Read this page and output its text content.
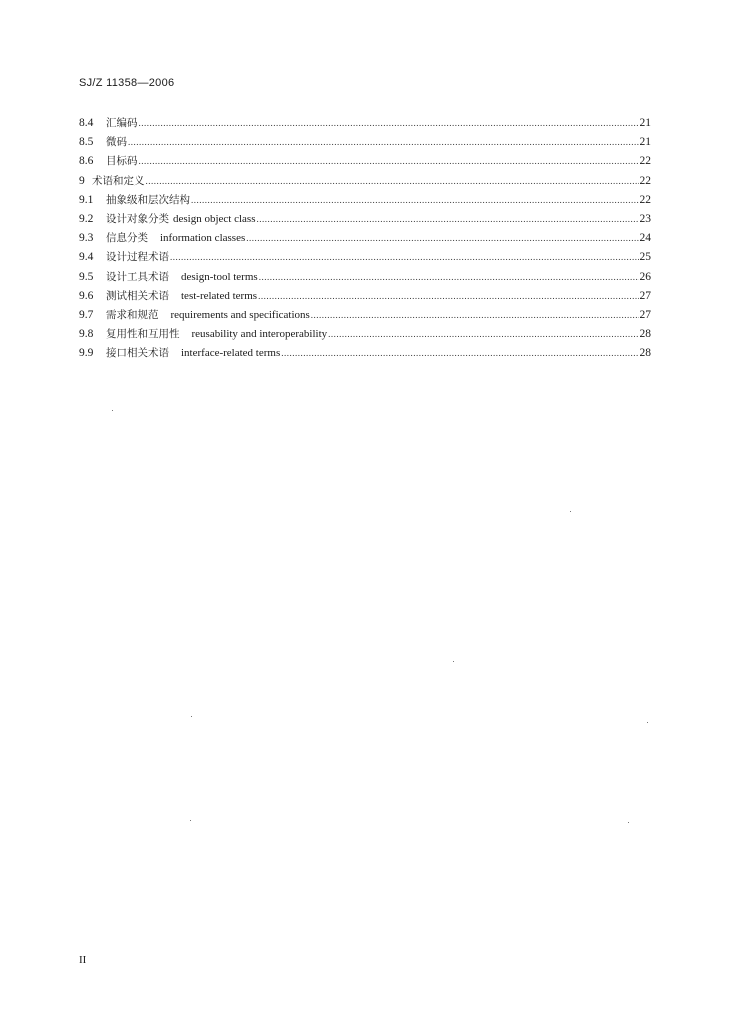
SJ/Z 11358—2006
8.4	汇编码 .....	21
8.5	微码 .....	21
8.6	目标码 .....	22
9 术语和定义 .....	22
9.1	抽象级和层次结构 .....	22
9.2	设计对象分类 design object class .....	23
9.3	信息分类 information classes .....	24
9.4	设计过程术语 .....	25
9.5	设计工具术语 design-tool terms .....	26
9.6	测试相关术语 test-related terms .....	27
9.7	需求和规范 requirements and specifications .....	27
9.8	复用性和互用性 reusability and interoperability .....	28
9.9	接口相关术语 interface-related terms .....	28
II
